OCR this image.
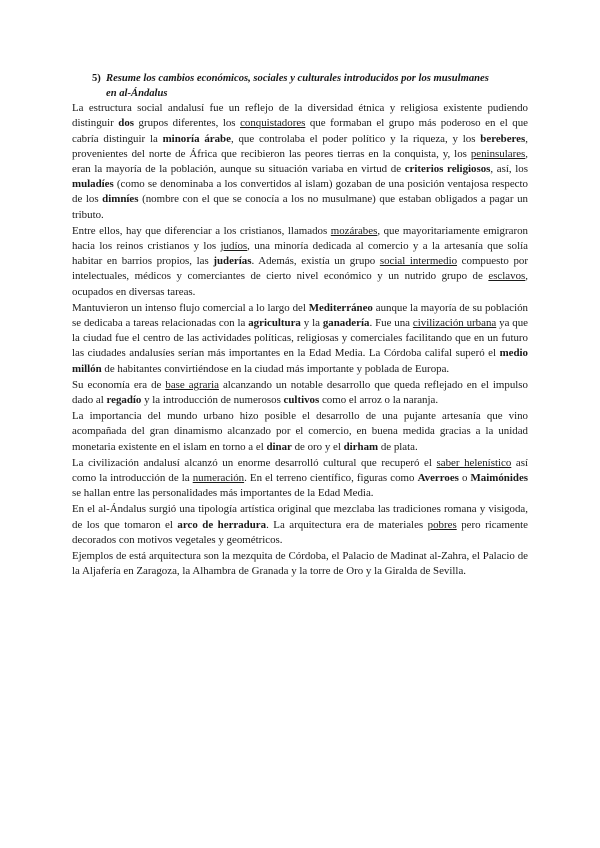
5) Resume los cambios económicos, sociales y culturales introducidos por los musulmanes
en al-Ándalus

La estructura social andalusí fue un reflejo de la diversidad étnica y religiosa existente pudiendo distinguir dos grupos diferentes, los conquistadores que formaban el grupo más poderoso en el que cabría distinguir la minoría árabe, que controlaba el poder político y la riqueza, y los bereberes, provenientes del norte de África que recibieron las peores tierras en la conquista, y, los peninsulares, eran la mayoría de la población, aunque su situación variaba en virtud de criterios religiosos, así, los muladíes (como se denominaba a los convertidos al islam) gozaban de una posición ventajosa respecto de los dimníes (nombre con el que se conocía a los no musulmane) que estaban obligados a pagar un tributo.

Entre ellos, hay que diferenciar a los cristianos, llamados mozárabes, que mayoritariamente emigraron hacia los reinos cristianos y los judíos, una minoría dedicada al comercio y a la artesanía que solía habitar en barrios propios, las juderías. Además, existía un grupo social intermedio compuesto por intelectuales, médicos y comerciantes de cierto nivel económico y un nutrido grupo de esclavos, ocupados en diversas tareas.

Mantuvieron un intenso flujo comercial a lo largo del Mediterráneo aunque la mayoría de su población se dedicaba a tareas relacionadas con la agricultura y la ganadería. Fue una civilización urbana ya que la ciudad fue el centro de las actividades políticas, religiosas y comerciales facilitando que en un futuro las ciudades andalusíes serían más importantes en la Edad Media. La Córdoba califal superó el medio millón de habitantes convirtiéndose en la ciudad más importante y poblada de Europa.

Su economía era de base agraria alcanzando un notable desarrollo que queda reflejado en el impulso dado al regadío y la introducción de numerosos cultivos como el arroz o la naranja.

La importancia del mundo urbano hizo posible el desarrollo de una pujante artesanía que vino acompañada del gran dinamismo alcanzado por el comercio, en buena medida gracias a la unidad monetaria existente en el islam en torno a el dinar de oro y el dirham de plata.

La civilización andalusí alcanzó un enorme desarrolló cultural que recuperó el saber helenístico así como la introducción de la numeración. En el terreno científico, figuras como Averroes o Maimónides se hallan entre las personalidades más importantes de la Edad Media.

En el al-Ándalus surgió una tipología artística original que mezclaba las tradiciones romana y visigoda, de los que tomaron el arco de herradura. La arquitectura era de materiales pobres pero ricamente decorados con motivos vegetales y geométricos.

Ejemplos de está arquitectura son la mezquita de Córdoba, el Palacio de Madinat al-Zahra, el Palacio de la Aljafería en Zaragoza, la Alhambra de Granada y la torre de Oro y la Giralda de Sevilla.
